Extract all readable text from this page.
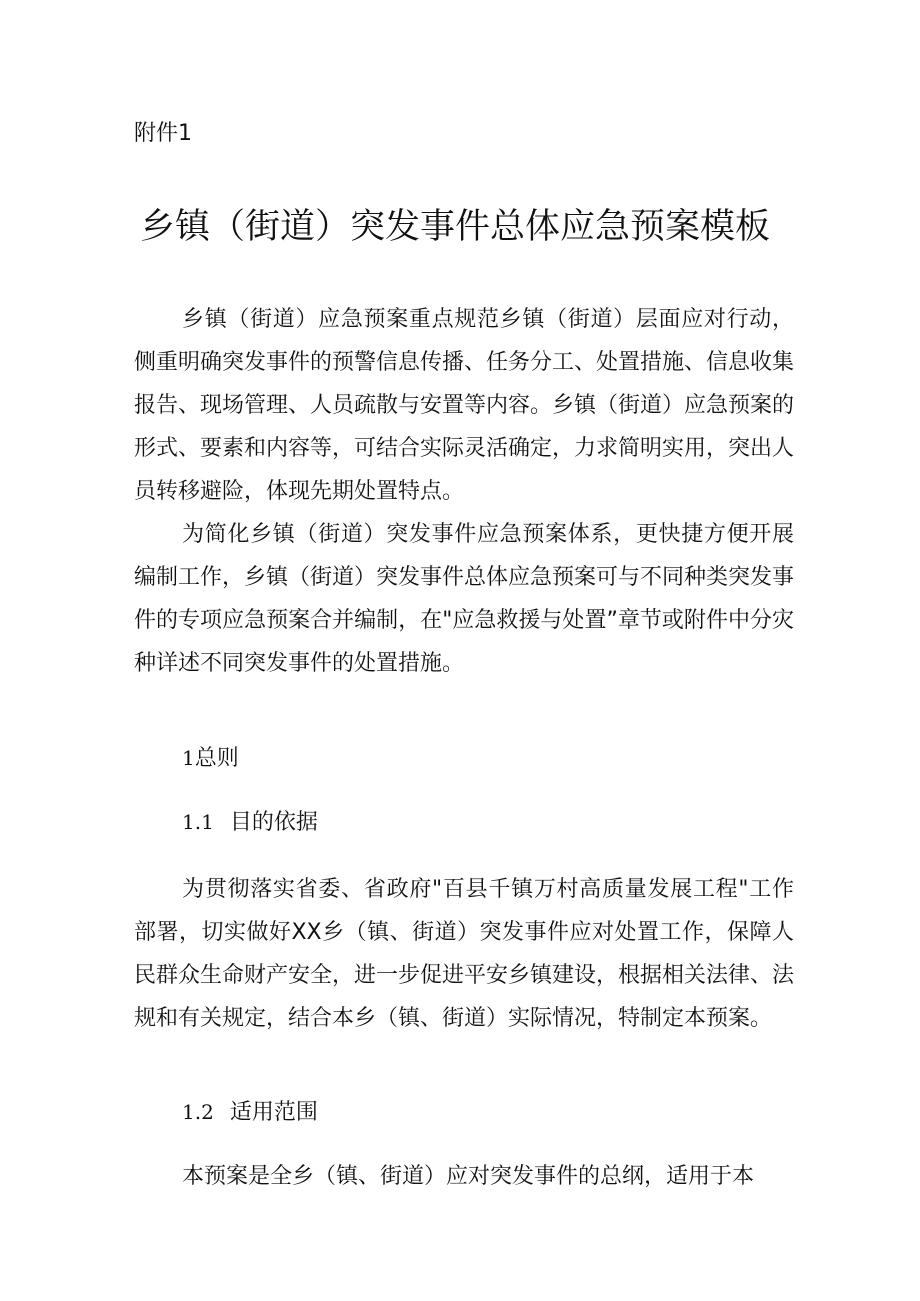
附件1
乡镇（街道）突发事件总体应急预案模板

乡镇（街道）应急预案重点规范乡镇（街道）层面应对行动，侧重明确突发事件的预警信息传播、任务分工、处置措施、信息收集报告、现场管理、人员疏散与安置等内容。乡镇（街道）应急预案的形式、要素和内容等，可结合实际灵活确定，力求简明实用，突出人员转移避险，体现先期处置特点。

为简化乡镇（街道）突发事件应急预案体系，更快捷方便开展编制工作，乡镇（街道）突发事件总体应急预案可与不同种类突发事件的专项应急预案合并编制，在"应急救援与处置”章节或附件中分灾种详述不同突发事件的处置措施。

1总则
1.1 目的依据

为贯彻落实省委、省政府"百县千镇万村高质量发展工程"工作部署，切实做好XX乡（镇、街道）突发事件应对处置工作，保障人民群众生命财产安全，进一步促进平安乡镇建设，根据相关法律、法规和有关规定，结合本乡（镇、街道）实际情况，特制定本预案。

1.2 适用范围

本预案是全乡（镇、街道）应对突发事件的总纲，适用于本
